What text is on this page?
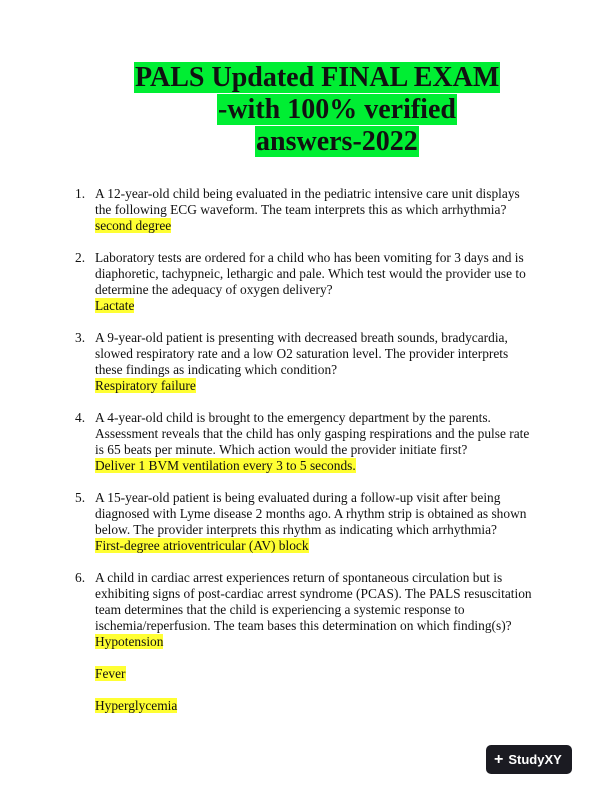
PALS Updated FINAL EXAM
-with 100% verified
answers-2022
1. A 12-year-old child being evaluated in the pediatric intensive care unit displays the following ECG waveform. The team interprets this as which arrhythmia?
second degree
2. Laboratory tests are ordered for a child who has been vomiting for 3 days and is diaphoretic, tachypneic, lethargic and pale. Which test would the provider use to determine the adequacy of oxygen delivery?
Lactate
3. A 9-year-old patient is presenting with decreased breath sounds, bradycardia, slowed respiratory rate and a low O2 saturation level. The provider interprets these findings as indicating which condition?
Respiratory failure
4. A 4-year-old child is brought to the emergency department by the parents. Assessment reveals that the child has only gasping respirations and the pulse rate is 65 beats per minute. Which action would the provider initiate first?
Deliver 1 BVM ventilation every 3 to 5 seconds.
5. A 15-year-old patient is being evaluated during a follow-up visit after being diagnosed with Lyme disease 2 months ago. A rhythm strip is obtained as shown below. The provider interprets this rhythm as indicating which arrhythmia?
First-degree atrioventricular (AV) block
6. A child in cardiac arrest experiences return of spontaneous circulation but is exhibiting signs of post-cardiac arrest syndrome (PCAS). The PALS resuscitation team determines that the child is experiencing a systemic response to ischemia/reperfusion. The team bases this determination on which finding(s)?
Hypotension
Fever
Hyperglycemia
+ StudyXY
